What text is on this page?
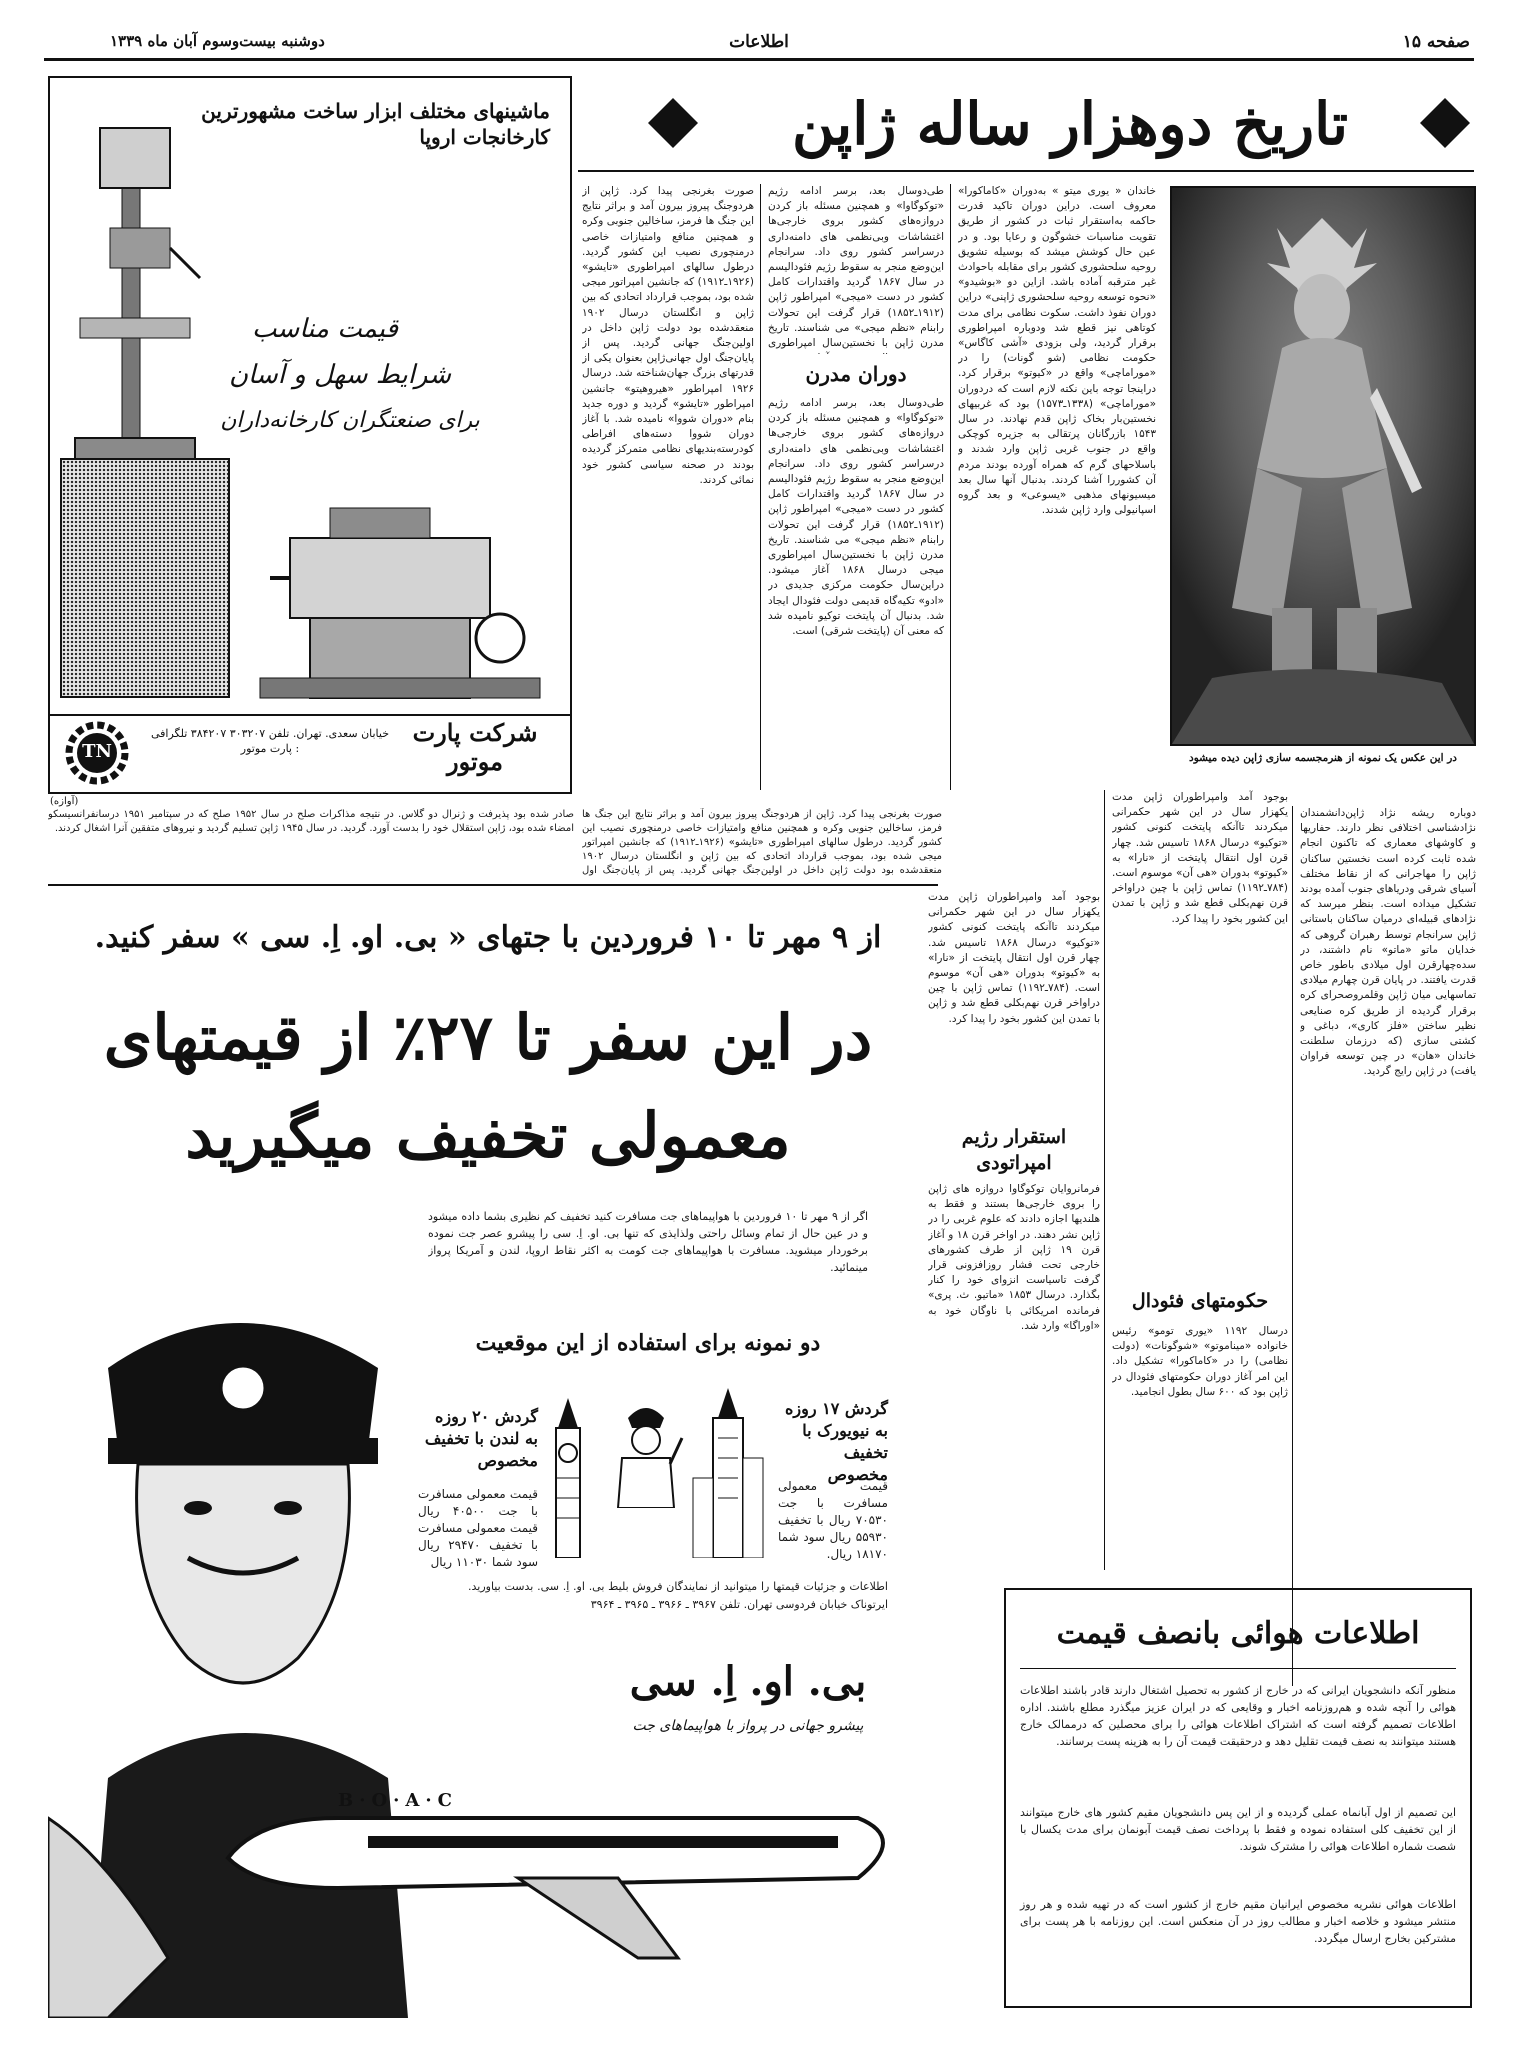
صفحه ۱۵
اطلاعات
دوشنبه بیست‌وسوم آبان ماه ۱۳۳۹
تاریخ دوهزار ساله ژاپن
در این عکس یک نمونه از هنرمجسمه سازی ژاپن دیده میشود
خاندان « یوری میتو » به‌دوران «کاماکورا» معروف است. دراین دوران تاکید قدرت حاکمه به‌استقرار ثبات در کشور از طریق تقویت مناسبات خشوگون و رعایا بود. و در عین حال کوشش میشد که بوسیله تشویق روحیه سلحشوری کشور برای مقابله باحوادث غیر مترقبه آماده باشد. ازاین دو «بوشیدو» «نحوه توسعه روحیه سلحشوری ژاپنی» دراین دوران نفوذ داشت. سکوت نظامی برای مدت کوتاهی نیز قطع شد ودوباره امپراطوری برقرار گردید، ولی بزودی «آشی کاگاس» حکومت نظامی (شو گونات) را در «موراماچی» واقع در «کیوتو» برقرار کرد. دراینجا توجه باین نکته لازم است که دردوران «موراماچی» (۱۳۳۸ـ۱۵۷۳) بود که غربیهای نخستین‌بار بخاک ژاپن قدم نهادند. در سال ۱۵۴۳ بازرگانان پرتقالی به جزیره کوچکی واقع در جنوب غربی ژاپن وارد شدند و باسلاحهای گرم که همراه آورده بودند مردم آن کشوررا آشنا کردند. بدنبال آنها سال بعد میسیونهای مذهبی «یسوعی» و بعد گروه اسپانیولی وارد ژاپن شدند.
طی‌دوسال بعد، برسر ادامه رژیم «توکوگاوا» و همچنین مسئله باز کردن دروازه‌های کشور بروی خارجی‌ها اغتشاشات وبی‌نظمی های دامنه‌داری درسراسر کشور روی داد. سرانجام این‌وضع منجر به سقوط رژیم فئودالیسم در سال ۱۸۶۷ گردید واقتدارات کامل کشور در دست «میجی» امپراطور ژاپن (۱۹۱۲ـ۱۸۵۲) قرار گرفت این تحولات رابنام «نظم میجی» می شناسند. تاریخ مدرن ژاپن با نخستین‌سال امپراطوری
دوران مدرن
طی‌دوسال بعد، برسر ادامه رژیم «توکوگاوا» و همچنین مسئله باز کردن دروازه‌های کشور بروی خارجی‌ها اغتشاشات وبی‌نظمی های دامنه‌داری درسراسر کشور روی داد. سرانجام این‌وضع منجر به سقوط رژیم فئودالیسم در سال ۱۸۶۷ گردید واقتدارات کامل کشور در دست «میجی» امپراطور ژاپن (۱۹۱۲ـ۱۸۵۲) قرار گرفت این تحولات رابنام «نظم میجی» می شناسند. تاریخ مدرن ژاپن با نخستین‌سال امپراطوری میجی درسال ۱۸۶۸ آغاز میشود. دراین‌سال حکومت مرکزی جدیدی در «ادو» تکیه‌گاه قدیمی دولت فئودال ایجاد شد. بدنبال آن پایتخت توکیو نامیده شد که معنی آن (پایتخت شرقی) است.
صورت بغرنجی پیدا کرد. ژاپن از هردوجنگ پیروز بیرون آمد و براثر نتایج این جنگ ها فرمز، ساخالین جنوبی وکره و همچنین منافع وامتیازات خاصی درمنچوری نصیب این کشور گردید. درطول سالهای امپراطوری «تایشو» (۱۹۲۶ـ۱۹۱۲) که جانشین امپراتور میجی شده بود، بموجب قرارداد اتحادی که بین ژاپن و انگلستان درسال ۱۹۰۲ منعقدشده بود دولت ژاپن داخل در اولین‌جنگ جهانی گردید. پس از پایان‌جنگ اول جهانی‌ژاپن بعنوان یکی از قدرتهای بزرگ جهان‌شناخته شد. درسال ۱۹۲۶ امپراطور «هیروهیتو» جانشین امپراطور «تایشو» گردید و دوره جدید بنام «دوران شووا» نامیده شد. با آغاز دوران شووا دسته‌های افراطی کودرسته‌بندیهای نظامی متمرکز گردیده بودند در صحنه سیاسی کشور خود نمائی کردند.
ماشینهای مختلف ابزار ساخت مشهورترین کارخانجات اروپا
قیمت مناسب
شرایط سهل و آسان
برای صنعتگران کارخانه‌داران
شرکت پارت موتور
خیابان سعدی. تهران. تلفن ۳۰۳۲۰۷ ۳۸۴۲۰۷ تلگرافی : پارت موتور
TN
(آوازه)
صادر شده بود پذیرفت و ژنرال دو گلاس. در نتیجه مذاکرات صلح در سال ۱۹۵۲ صلح که در سپتامبر ۱۹۵۱ درسانفرانسیسکو امضاء شده بود، ژاپن استقلال خود را بدست آورد. گردید. در سال ۱۹۴۵ ژاپن تسلیم گردید و نیروهای متفقین آنرا اشغال کردند.
صورت بغرنجی پیدا کرد. ژاپن از هردوجنگ پیروز بیرون آمد و براثر نتایج این جنگ ها فرمز، ساخالین جنوبی وکره و همچنین منافع وامتیازات خاصی درمنچوری نصیب این کشور گردید. درطول سالهای امپراطوری «تایشو» (۱۹۲۶ـ۱۹۱۲) که جانشین امپراتور میجی شده بود، بموجب قرارداد اتحادی که بین ژاپن و انگلستان درسال ۱۹۰۲ منعقدشده بود دولت ژاپن داخل در اولین‌جنگ جهانی گردید. پس از پایان‌جنگ اول
دوباره ریشه نژاد ژاپن‌دانشمندان نژادشناسی اختلافی نظر دارند. حفاریها و کاوشهای معماری که تاکنون انجام شده ثابت کرده است نخستین ساکنان ژاپن را مهاجرانی که از نقاط مختلف آسیای شرقی ودریاهای جنوب آمده بودند تشکیل میداده است. بنظر میرسد که نژاد‌های قبیله‌ای درمیان ساکنان باستانی ژاپن سرانجام توسط رهبران گروهی که خدایان ماتو «ماتو» نام داشتند، در سده‌چهارقرن اول میلادی باطور خاص قدرت یافتند. در پایان قرن چهارم میلادی تماسهایی میان ژاپن وقلمروصحرای کره برقرار گردیده از طریق کره صنایعی نظیر ساختن «فلز کاری»، دباغی و کشتی سازی (که درزمان سلطنت خاندان «هان» در چین توسعه فراوان یافت) در ژاپن رایج گردید.
بوجود آمد وامپراطوران ژاپن مدت یکهزار سال در این شهر حکمرانی میکردند تاآنکه پایتخت کنونی کشور «توکیو» درسال ۱۸۶۸ تاسیس شد. چهار قرن اول انتقال پایتخت از «نارا» به «کیوتو» بدوران «هی آن» موسوم است. (۷۸۴ـ۱۱۹۲) تماس ژاپن با چین دراواخر قرن نهم‌بکلی قطع شد و ژاپن با تمدن این کشور بخود را پیدا کرد.
حکومتهای فئودال
درسال ۱۱۹۲ «یوری تومو» رئیس خانواده «میناموتو» «شوگونات» (دولت نظامی) را در «کاماکورا» تشکیل داد. این امر آغاز دوران حکومتهای فئودال در ژاپن بود که ۶۰۰ سال بطول انجامید.
بوجود آمد وامپراطوران ژاپن مدت یکهزار سال در این شهر حکمرانی میکردند تاآنکه پایتخت کنونی کشور «توکیو» درسال ۱۸۶۸ تاسیس شد. چهار قرن اول انتقال پایتخت از «نارا» به «کیوتو» بدوران «هی آن» موسوم است. (۷۸۴ـ۱۱۹۲) تماس ژاپن با چین دراواخر قرن نهم‌بکلی قطع شد و ژاپن با تمدن این کشور بخود را پیدا کرد.
استقرار رژیم امپراتودی
فرمانروایان توکوگاوا دروازه های ژاپن را بروی خارجی‌ها بستند و فقط به هلندیها اجازه دادند که علوم غربی را در ژاپن نشر دهند. در اواخر قرن ۱۸ و آغاز قرن ۱۹ ژاپن از طرف کشورهای خارجی تحت فشار روزافزونی قرار گرفت تاسیاست انزوای خود را کنار بگذارد. درسال ۱۸۵۳ «ماتیو. ث. پری» فرمانده امریکائی با ناوگان خود به «اوراگا» وارد شد.
از ۹ مهر تا ۱۰ فروردین با جتهای « بی. او. اِ. سی » سفر کنید.
در این سفر تا ۲۷٪ از قیمتهای
معمولی تخفیف میگیرید
اگر از ۹ مهر تا ۱۰ فروردین با هواپیماهای جت مسافرت کنید تخفیف کم نظیری بشما داده میشود و در عین حال از تمام وسائل راحتی ولذایذی که تنها بی. او. اِ. سی را پیشرو عصر جت نموده برخوردار میشوید. مسافرت با هواپیماهای جت کومت به اکثر نقاط اروپا، لندن و آمریکا پرواز مینمائید.
دو نمونه برای استفاده از این موقعیت
گردش ۱۷ روزه به نیویورک با تخفیف مخصوص
قیمت معمولی مسافرت با جت ۷۰۵۳۰ ریال با تخفیف ۵۵۹۳۰ ریال سود شما ۱۸۱۷۰ ریال.
گردش ۲۰ روزه به لندن با تخفیف مخصوص
قیمت معمولی مسافرت با جت ۴۰۵۰۰ ریال قیمت معمولی مسافرت با تخفیف ۲۹۴۷۰ ریال سود شما ۱۱۰۳۰ ریال
اطلاعات و جزئیات قیمتها را میتوانید از نمایندگان فروش بلیط بی. او. اِ. سی. بدست بیاورید. ایرتوناک خیابان فردوسی تهران. تلفن ۳۹۶۷ ـ ۳۹۶۶ ـ ۳۹۶۵ ـ ۳۹۶۴
بی. او. اِ. سی
پیشرو جهانی در پرواز با هواپیماهای جت
B·O·A·C
اطلاعات هوائی بانصف قیمت
منظور آنکه دانشجویان ایرانی که در خارج از کشور به تحصیل اشتغال دارند قادر باشند اطلاعات هوائی را آنچه شده و هم‌روزنامه اخبار و وقایعی که در ایران عزیز میگذرد مطلع باشند. اداره اطلاعات تصمیم گرفته است که اشتراک اطلاعات هوائی را برای محصلین که درممالک خارج هستند میتوانند به نصف قیمت تقلیل دهد و درحقیقت قیمت آن را به هزینه پست برسانند.
این تصمیم از اول آبانماه عملی گردیده و از این پس دانشجویان مقیم کشور های خارج میتوانند از این تخفیف کلی استفاده نموده و فقط با پرداخت نصف قیمت آبونمان برای مدت یکسال با شصت شماره اطلاعات هوائی را مشترک شوند.
اطلاعات هوائی نشریه مخصوص ایرانیان مقیم خارج از کشور است که در تهیه شده و هر روز منتشر میشود و خلاصه اخبار و مطالب روز در آن منعکس است. این روزنامه با هر پست برای مشترکین بخارج ارسال میگردد.
